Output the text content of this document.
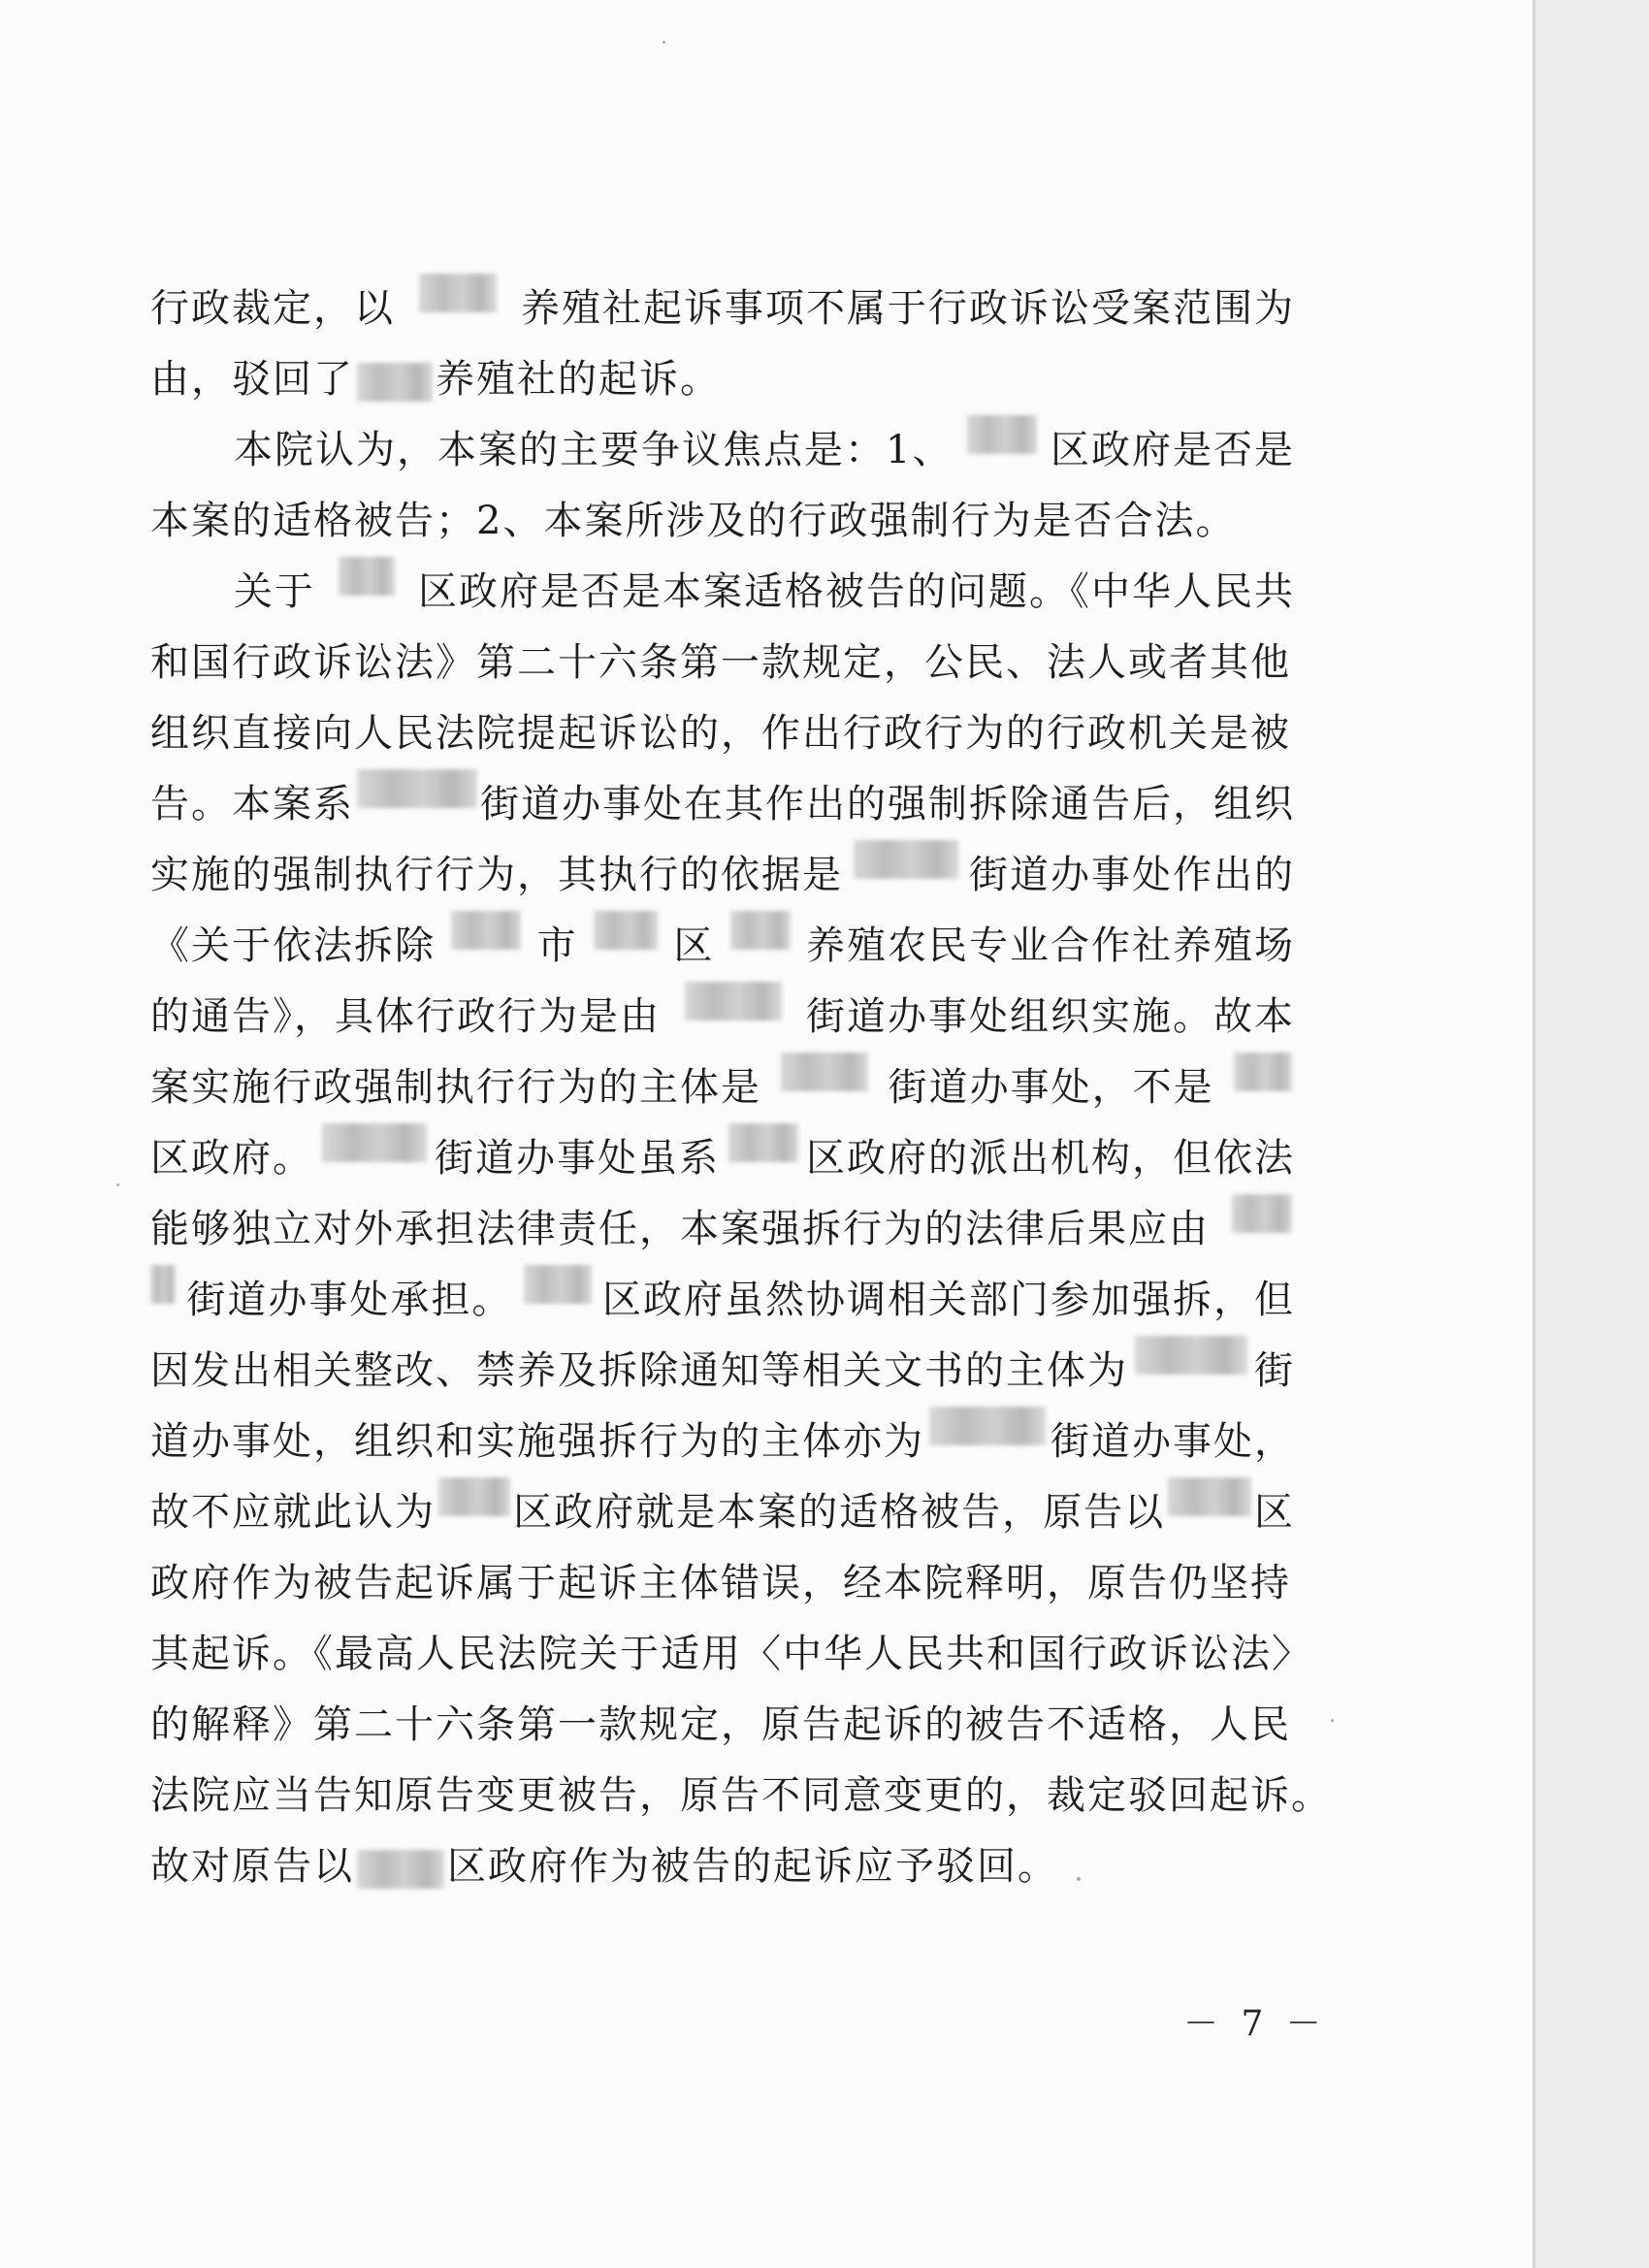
行政裁定，以	养殖社起诉事项不属于行政诉讼受案范围为
由，驳回了 养殖社的起诉。
本院认为，本案的主要争议焦点是：1、	区政府是否是
本案的适格被告；2、本案所涉及的行政强制行为是否合法。
关于	区政府是否是本案适格被告的问题。《中华人民共
和国行政诉讼法》第二十六条第一款规定，公民、法人或者其他
组织直接向人民法院提起诉讼的，作出行政行为的行政机关是被
告。本案系	街道办事处在其作出的强制拆除通告后，组织
实施的强制执行行为，其执行的依据是	街道办事处作出的
《关于依法拆除	市 区 养殖农民专业合作社养殖场
的通告》，具体行政行为是由	街道办事处组织实施。故本
案实施行政强制执行行为的主体是	街道办事处，不是
区政府。	街道办事处虽系 区政府的派出机构，但依法
能够独立对外承担法律责任，本案强拆行为的法律后果应由
街道办事处承担。 区政府虽然协调相关部门参加强拆，但
因发出相关整改、禁养及拆除通知等相关文书的主体为	街
道办事处，组织和实施强拆行为的主体亦为	街道办事处，
故不应就此认为 区政府就是本案的适格被告，原告以 区
政府作为被告起诉属于起诉主体错误，经本院释明，原告仍坚持
其起诉。《最高人民法院关于适用〈中华人民共和国行政诉讼法〉
的解释》第二十六条第一款规定，原告起诉的被告不适格，人民
法院应当告知原告变更被告，原告不同意变更的，裁定驳回起诉。
故对原告以 区政府作为被告的起诉应予驳回。
－ 7 －
